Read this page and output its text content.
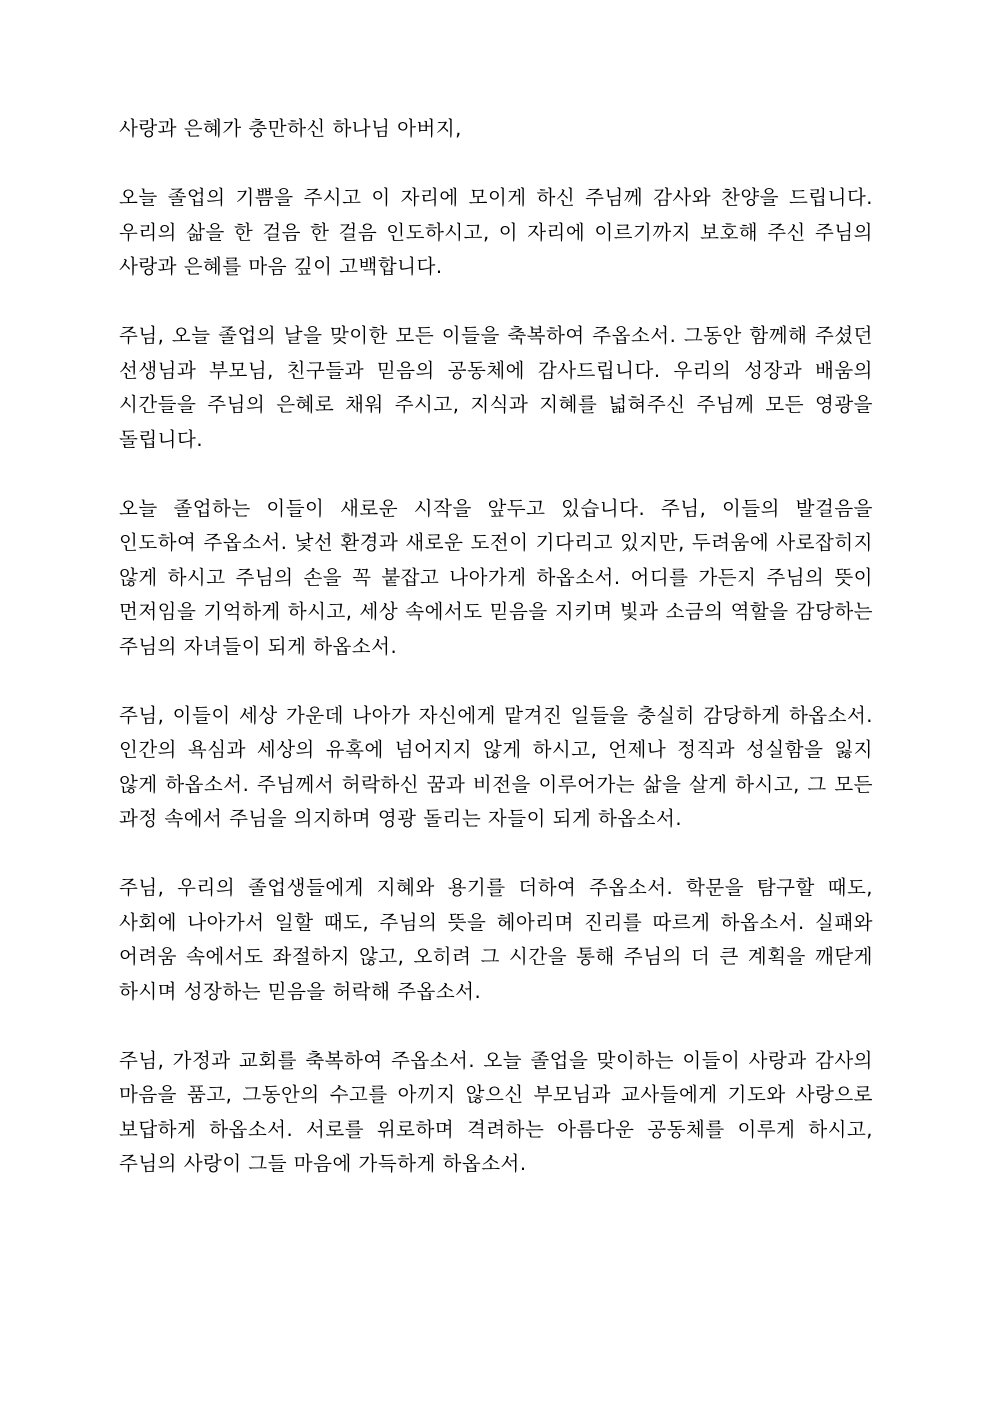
사랑과 은혜가 충만하신 하나님 아버지,

오늘 졸업의 기쁨을 주시고 이 자리에 모이게 하신 주님께 감사와 찬양을 드립니다. 우리의 삶을 한 걸음 한 걸음 인도하시고, 이 자리에 이르기까지 보호해 주신 주님의 사랑과 은혜를 마음 깊이 고백합니다.

주님, 오늘 졸업의 날을 맞이한 모든 이들을 축복하여 주옵소서. 그동안 함께해 주셨던 선생님과 부모님, 친구들과 믿음의 공동체에 감사드립니다. 우리의 성장과 배움의 시간들을 주님의 은혜로 채워 주시고, 지식과 지혜를 넓혀주신 주님께 모든 영광을 돌립니다.

오늘 졸업하는 이들이 새로운 시작을 앞두고 있습니다. 주님, 이들의 발걸음을 인도하여 주옵소서. 낯선 환경과 새로운 도전이 기다리고 있지만, 두려움에 사로잡히지 않게 하시고 주님의 손을 꼭 붙잡고 나아가게 하옵소서. 어디를 가든지 주님의 뜻이 먼저임을 기억하게 하시고, 세상 속에서도 믿음을 지키며 빛과 소금의 역할을 감당하는 주님의 자녀들이 되게 하옵소서.

주님, 이들이 세상 가운데 나아가 자신에게 맡겨진 일들을 충실히 감당하게 하옵소서. 인간의 욕심과 세상의 유혹에 넘어지지 않게 하시고, 언제나 정직과 성실함을 잃지 않게 하옵소서. 주님께서 허락하신 꿈과 비전을 이루어가는 삶을 살게 하시고, 그 모든 과정 속에서 주님을 의지하며 영광 돌리는 자들이 되게 하옵소서.

주님, 우리의 졸업생들에게 지혜와 용기를 더하여 주옵소서. 학문을 탐구할 때도, 사회에 나아가서 일할 때도, 주님의 뜻을 헤아리며 진리를 따르게 하옵소서. 실패와 어려움 속에서도 좌절하지 않고, 오히려 그 시간을 통해 주님의 더 큰 계획을 깨닫게 하시며 성장하는 믿음을 허락해 주옵소서.

주님, 가정과 교회를 축복하여 주옵소서. 오늘 졸업을 맞이하는 이들이 사랑과 감사의 마음을 품고, 그동안의 수고를 아끼지 않으신 부모님과 교사들에게 기도와 사랑으로 보답하게 하옵소서. 서로를 위로하며 격려하는 아름다운 공동체를 이루게 하시고, 주님의 사랑이 그들 마음에 가득하게 하옵소서.
